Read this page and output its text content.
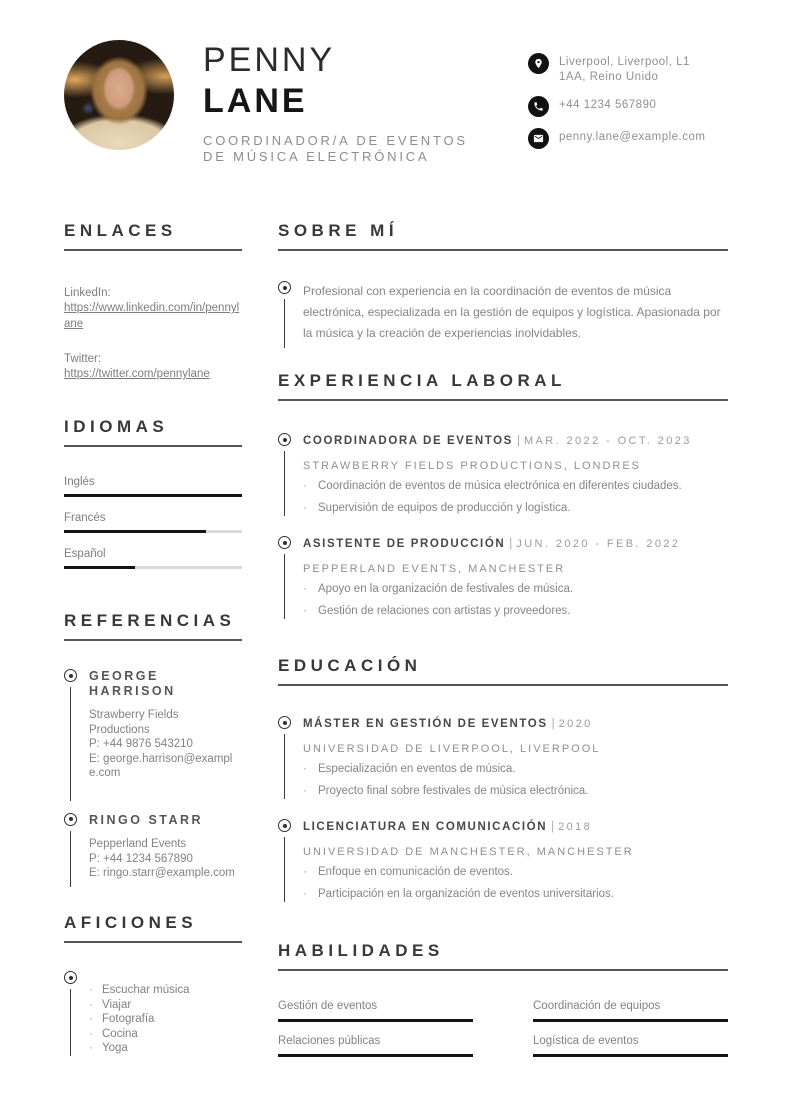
PENNY
LANE
COORDINADOR/A DE EVENTOS
DE MÚSICA ELECTRÓNICA
Liverpool, Liverpool, L1 1AA, Reino Unido
+44 1234 567890
penny.lane@example.com
ENLACES
LinkedIn:
https://www.linkedin.com/in/pennylane
Twitter:
https://twitter.com/pennylane
IDIOMAS
Inglés
Francés
Español
REFERENCIAS
GEORGE HARRISON
Strawberry Fields Productions
P: +44 9876 543210
E: george.harrison@example.com
RINGO STARR
Pepperland Events
P: +44 1234 567890
E: ringo.starr@example.com
AFICIONES
· Escuchar música
· Viajar
· Fotografía
· Cocina
· Yoga
SOBRE MÍ
Profesional con experiencia en la coordinación de eventos de música electrónica, especializada en la gestión de equipos y logística. Apasionada por la música y la creación de experiencias inolvidables.
EXPERIENCIA LABORAL
COORDINADORA DE EVENTOS | MAR. 2022 - OCT. 2023
STRAWBERRY FIELDS PRODUCTIONS, LONDRES
· Coordinación de eventos de música electrónica en diferentes ciudades.
· Supervisión de equipos de producción y logística.
ASISTENTE DE PRODUCCIÓN | JUN. 2020 - FEB. 2022
PEPPERLAND EVENTS, MANCHESTER
· Apoyo en la organización de festivales de música.
· Gestión de relaciones con artistas y proveedores.
EDUCACIÓN
MÁSTER EN GESTIÓN DE EVENTOS | 2020
UNIVERSIDAD DE LIVERPOOL, LIVERPOOL
· Especialización en eventos de música.
· Proyecto final sobre festivales de música electrónica.
LICENCIATURA EN COMUNICACIÓN | 2018
UNIVERSIDAD DE MANCHESTER, MANCHESTER
· Enfoque en comunicación de eventos.
· Participación en la organización de eventos universitarios.
HABILIDADES
Gestión de eventos	Coordinación de equipos
Relaciones públicas	Logística de eventos
